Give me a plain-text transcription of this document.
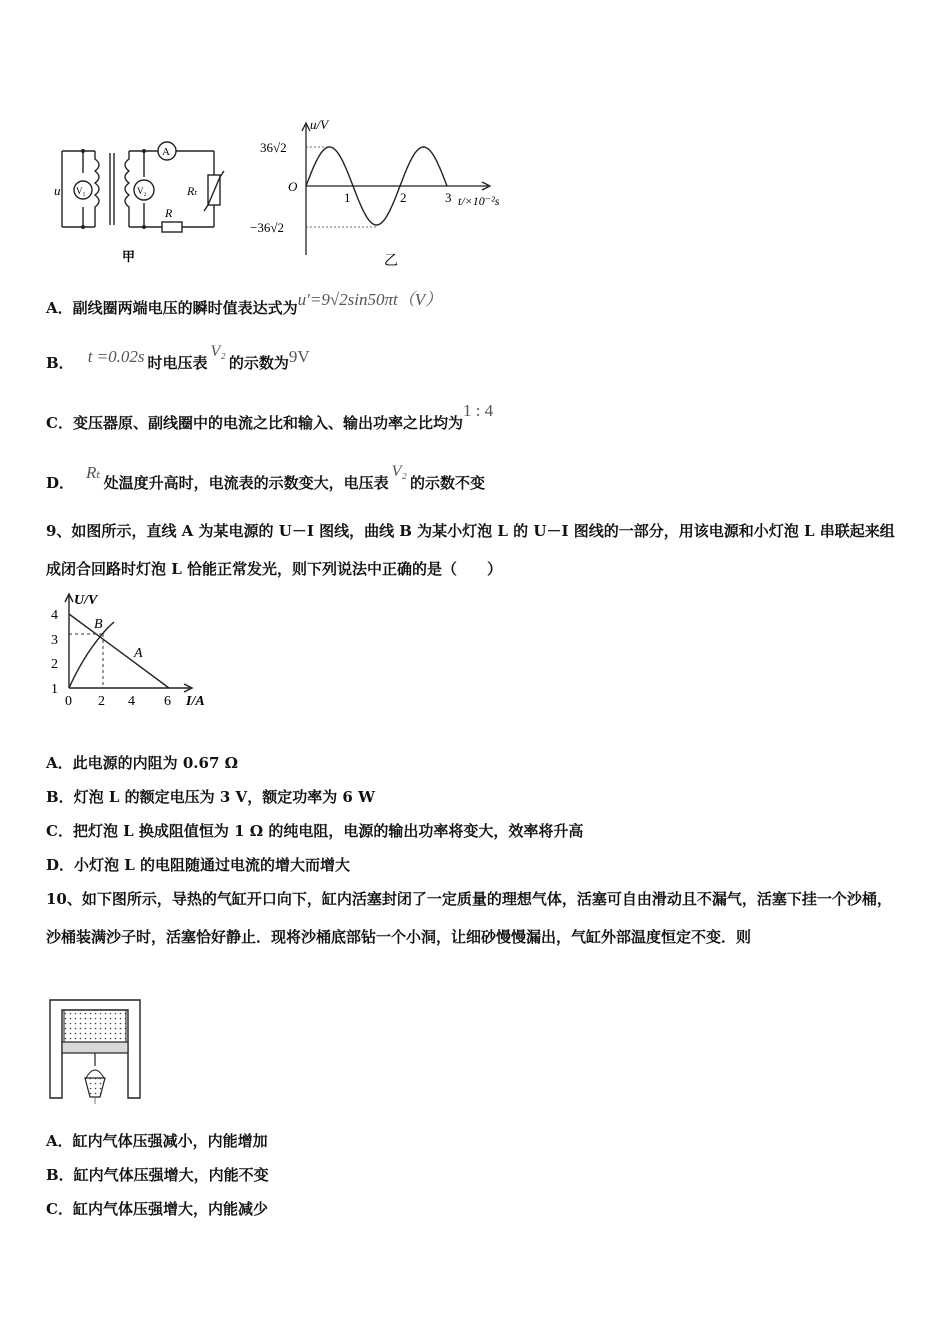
u V₁	V₂
A
Rₜ
R
甲
u/V
36√2
−36√2
O
1	2	3 t/×10⁻²s
乙
A．副线圈两端电压的瞬时值表达式为u′=9√2sin50πt（V）
B． t =0.02s 时电压表V₂的示数为9V
C．变压器原、副线圈中的电流之比和输入、输出功率之比均为1 : 4
D．Rₜ处温度升高时，电流表的示数变大，电压表V₂的示数不变
9、如图所示，直线 A 为某电源的 U－I 图线，曲线 B 为某小灯泡 L 的 U－I 图线的一部分，用该电源和小灯泡 L 串联起来组成闭合回路时灯泡 L 恰能正常发光，则下列说法中正确的是（　　）
U/V
4
3
2
1
0 2 4 6 I/A
B
A
A．此电源的内阻为 0.67 Ω
B．灯泡 L 的额定电压为 3 V，额定功率为 6 W
C．把灯泡 L 换成阻值恒为 1 Ω 的纯电阻，电源的输出功率将变大，效率将升高
D．小灯泡 L 的电阻随通过电流的增大而增大
10、如下图所示，导热的气缸开口向下，缸内活塞封闭了一定质量的理想气体，活塞可自由滑动且不漏气，活塞下挂一个沙桶，沙桶装满沙子时，活塞恰好静止．现将沙桶底部钻一个小洞，让细砂慢慢漏出，气缸外部温度恒定不变．则
A．缸内气体压强减小，内能增加
B．缸内气体压强增大，内能不变
C．缸内气体压强增大，内能减少
